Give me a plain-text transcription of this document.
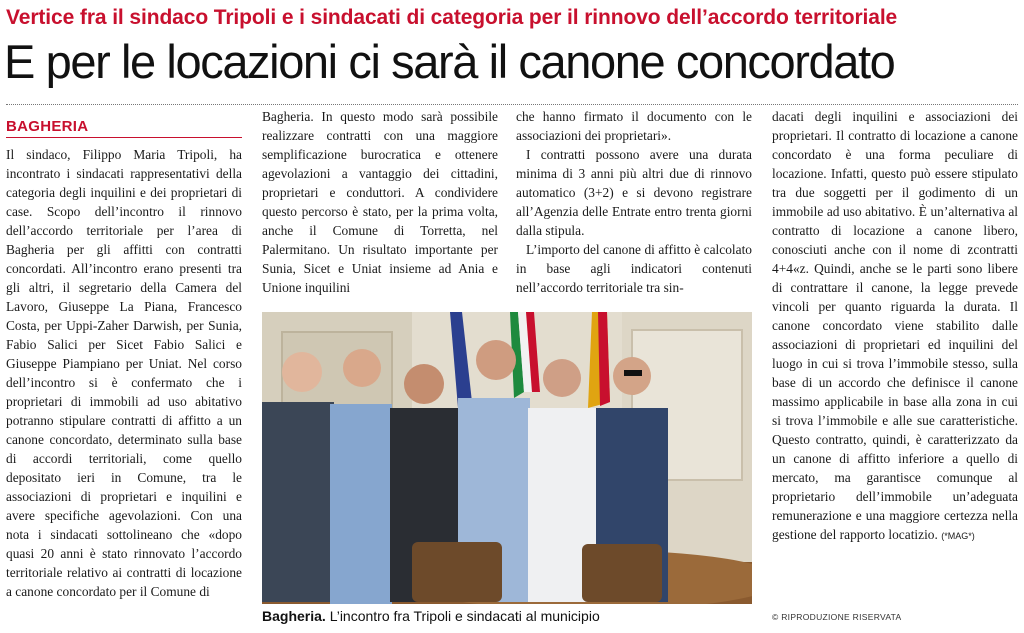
Vertice fra il sindaco Tripoli e i sindacati di categoria per il rinnovo dell’accordo territoriale
E per le locazioni ci sarà il canone concordato
BAGHERIA

Il sindaco, Filippo Maria Tripoli, ha incontrato i sindacati rappresentativi della categoria degli inquilini e dei proprietari di case. Scopo dell’incontro il rinnovo dell’accordo territoriale per l’area di Bagheria per gli affitti con contratti concordati. All’incontro erano presenti tra gli altri, il segretario della Camera del Lavoro, Giuseppe La Piana, Francesco Costa, per Uppi-Zaher Darwish, per Sunia, Fabio Salici per Sicet Fabio Salici e Giuseppe Piampiano per Uniat. Nel corso dell’incontro si è confermato che i proprietari di immobili ad uso abitativo potranno stipulare contratti di affitto a un canone concordato, determinato sulla base di accordi territoriali, come quello depositato ieri in Comune, tra le associazioni di proprietari e inquilini e avere specifiche agevolazioni. Con una nota i sindacati sottolineano che «dopo quasi 20 anni è stato rinnovato l’accordo territoriale relativo ai contratti di locazione a canone concordato per il Comune di

Bagheria. In questo modo sarà possibile realizzare contratti con una maggiore semplificazione burocratica e ottenere agevolazioni a vantaggio dei cittadini, proprietari e conduttori. A condividere questo percorso è stato, per la prima volta, anche il Comune di Torretta, nel Palermitano. Un risultato importante per Sunia, Sicet e Uniat insieme ad Ania e Unione inquilini

che hanno firmato il documento con le associazioni dei proprietari».

I contratti possono avere una durata minima di 3 anni più altri due di rinnovo automatico (3+2) e si devono registrare all’Agenzia delle Entrate entro trenta giorni dalla stipula.

L’importo del canone di affitto è calcolato in base agli indicatori contenuti nell’accordo territoriale tra sin-

dacati degli inquilini e associazioni dei proprietari. Il contratto di locazione a canone concordato è una forma peculiare di locazione. Infatti, questo può essere stipulato tra due soggetti per il godimento di un immobile ad uso abitativo. È un’alternativa al contratto di locazione a canone libero, conosciuti anche con il nome di zcontratti 4+4«z. Quindi, anche se le parti sono libere di contrattare il canone, la legge prevede vincoli per quanto riguarda la durata. Il canone concordato viene stabilito dalle associazioni di proprietari ed inquilini del luogo in cui si trova l’immobile stesso, sulla base di un accordo che definisce il canone massimo applicabile in base alla zona in cui si trova l’immobile e alle sue caratteristiche. Questo contratto, quindi, è caratterizzato da un canone di affitto inferiore a quello di mercato, ma garantisce comunque al proprietario dell’immobile un’adeguata remunerazione e una maggiore certezza nella gestione del rapporto locatizio. (*MAG*)

© RIPRODUZIONE RISERVATA
Bagheria. L’incontro fra Tripoli e sindacati al municipio
